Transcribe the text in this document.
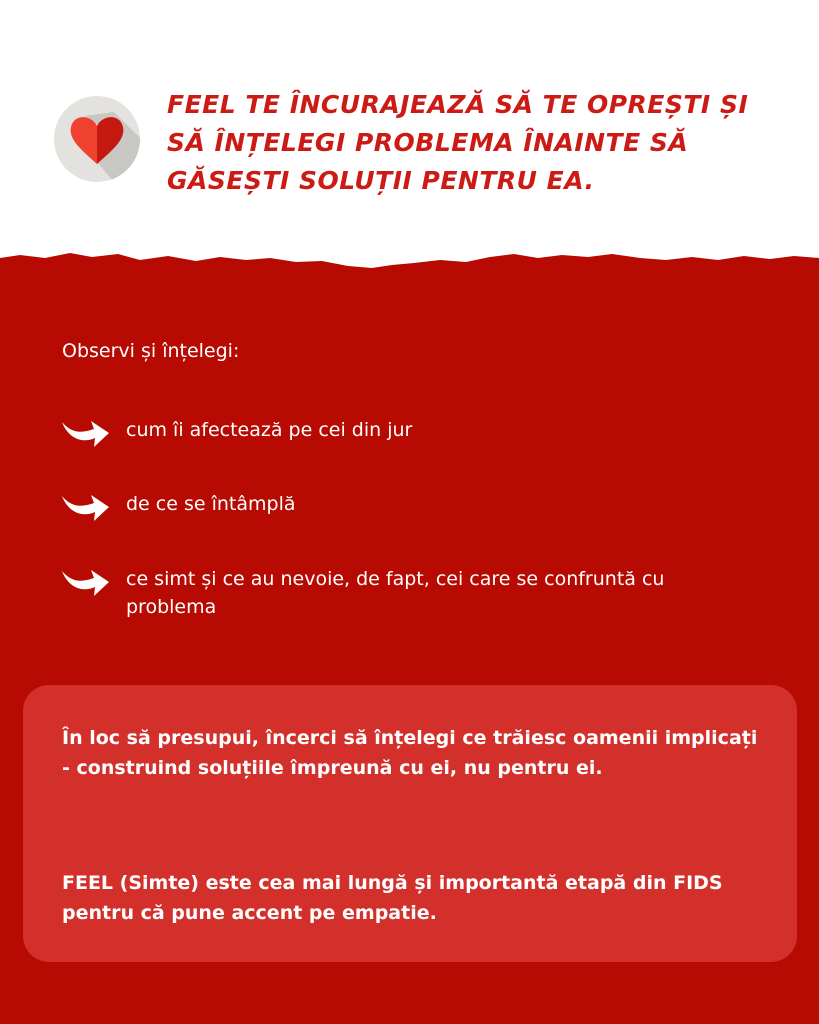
FEEL TE ÎNCURAJEAZĂ SĂ TE OPREȘTI ȘI SĂ ÎNȚELEGI PROBLEMA ÎNAINTE SĂ GĂSEȘTI SOLUȚII PENTRU EA.

Observi și înțelegi:

cum îi afectează pe cei din jur
de ce se întâmplă
ce simt și ce au nevoie, de fapt, cei care se confruntă cu problema

În loc să presupui, încerci să înțelegi ce trăiesc oamenii implicați - construind soluțiile împreună cu ei, nu pentru ei.

FEEL (Simte) este cea mai lungă și importantă etapă din FIDS pentru că pune accent pe empatie.
